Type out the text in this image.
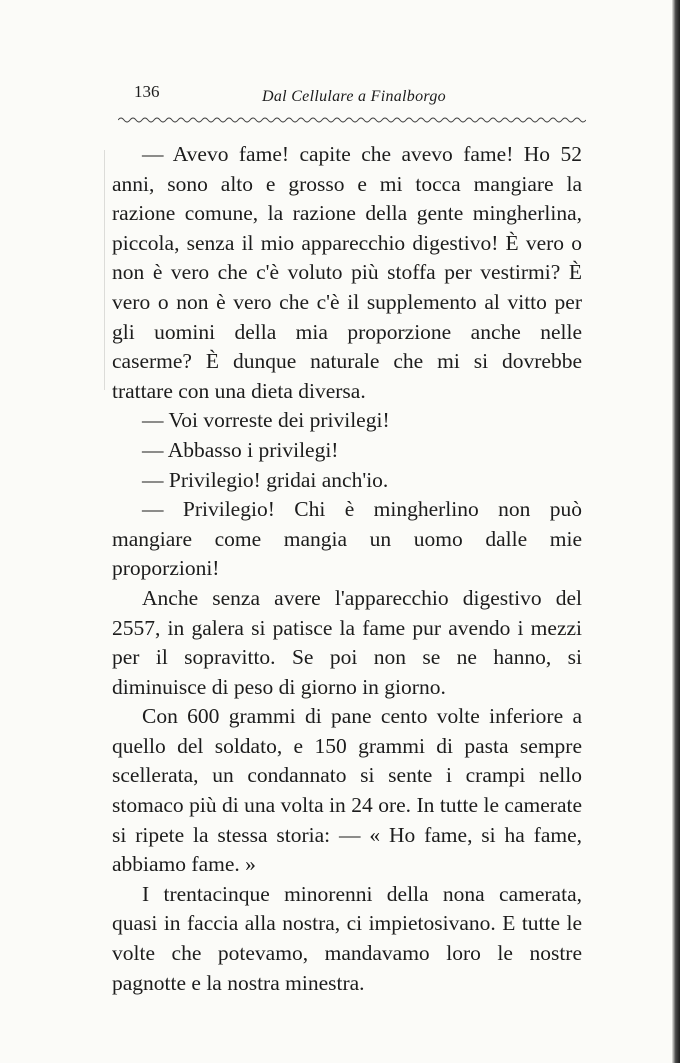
136	Dal Cellulare a Finalborgo

— Avevo fame! capite che avevo fame! Ho 52 anni, sono alto e grosso e mi tocca mangiare la razione comune, la razione della gente mingherlina, piccola, senza il mio apparecchio digestivo! È vero o non è vero che c'è voluto più stoffa per vestirmi? È vero o non è vero che c'è il supplemento al vitto per gli uomini della mia proporzione anche nelle caserme? È dunque naturale che mi si dovrebbe trattare con una dieta diversa.

— Voi vorreste dei privilegi!

— Abbasso i privilegi!

— Privilegio! gridai anch'io.

— Privilegio! Chi è mingherlino non può mangiare come mangia un uomo dalle mie proporzioni!

Anche senza avere l'apparecchio digestivo del 2557, in galera si patisce la fame pur avendo i mezzi per il sopravitto. Se poi non se ne hanno, si diminuisce di peso di giorno in giorno.

Con 600 grammi di pane cento volte inferiore a quello del soldato, e 150 grammi di pasta sempre scellerata, un condannato si sente i crampi nello stomaco più di una volta in 24 ore. In tutte le camerate si ripete la stessa storia: — « Ho fame, si ha fame, abbiamo fame. »

I trentacinque minorenni della nona camerata, quasi in faccia alla nostra, ci impietosivano. E tutte le volte che potevamo, mandavamo loro le nostre pagnotte e la nostra minestra.
